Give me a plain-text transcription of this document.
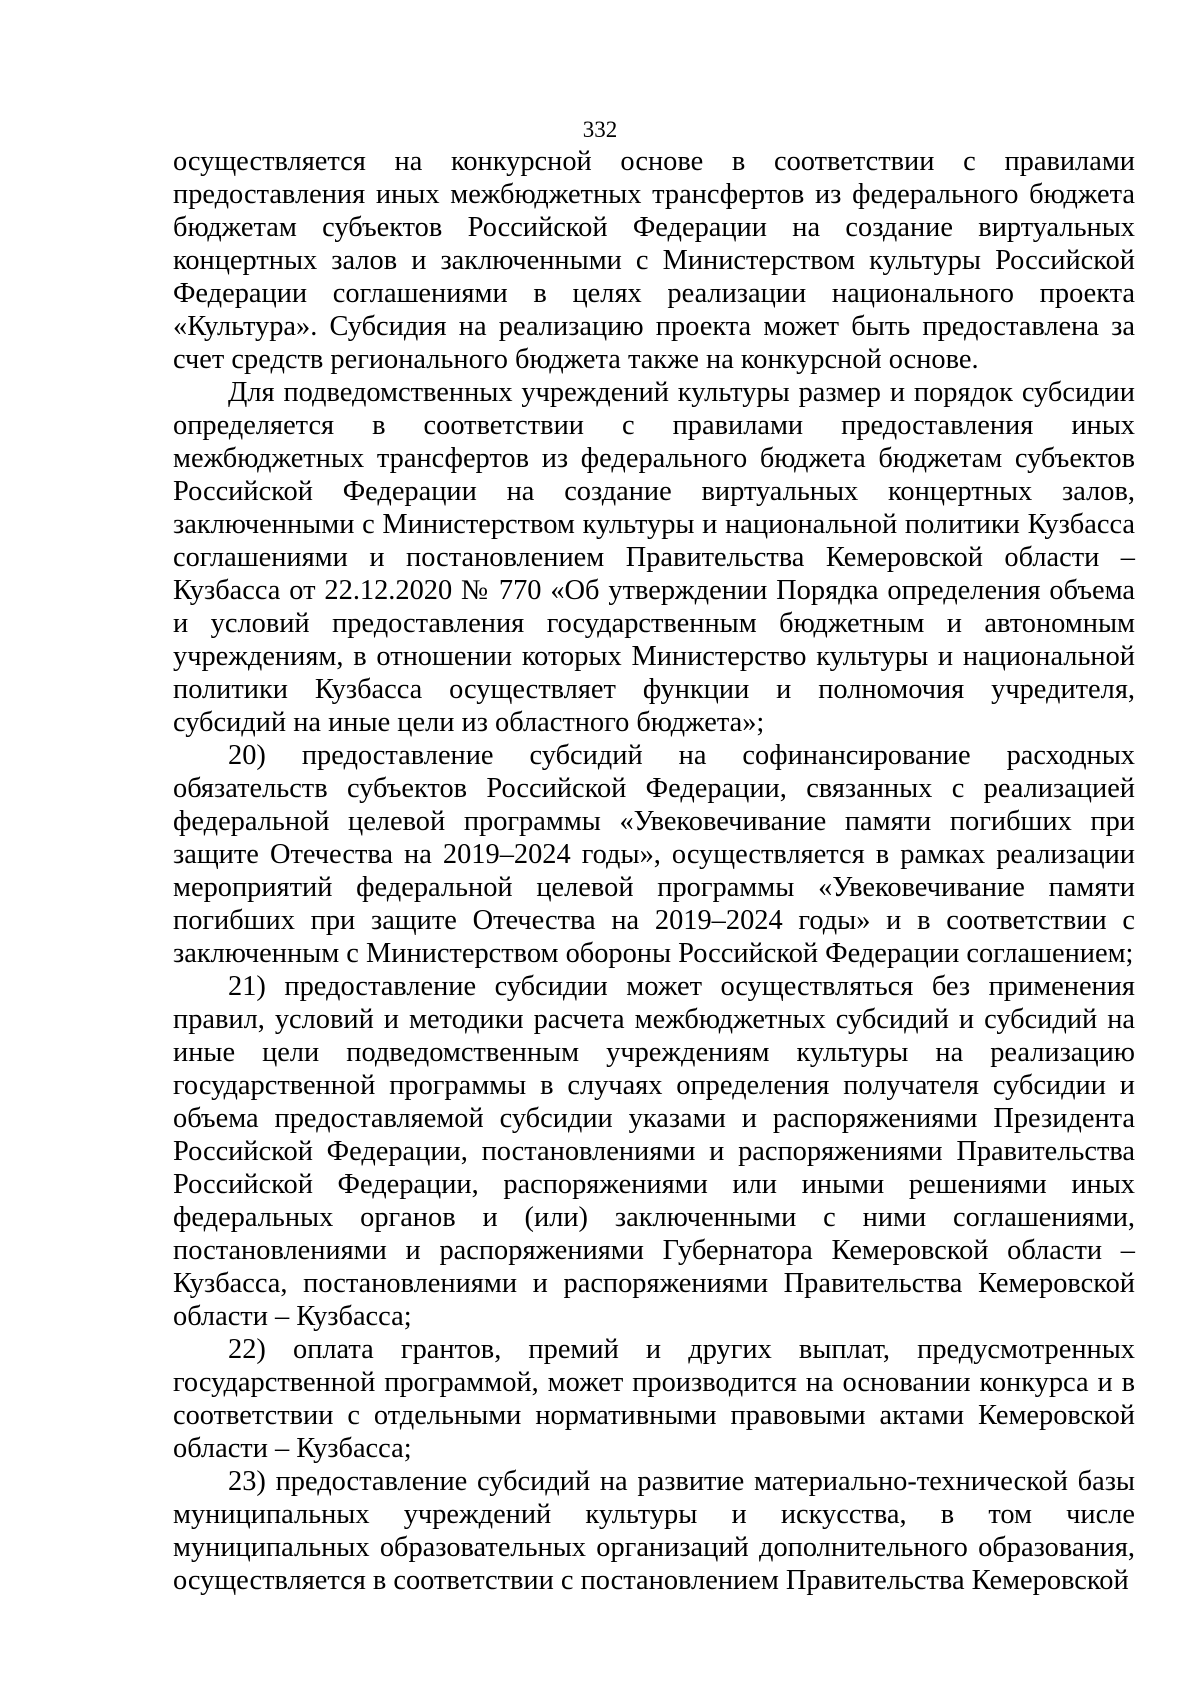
332

осуществляется на конкурсной основе в соответствии с правилами предоставления иных межбюджетных трансфертов из федерального бюджета бюджетам субъектов Российской Федерации на создание виртуальных концертных залов и заключенными с Министерством культуры Российской Федерации соглашениями в целях реализации национального проекта «Культура». Субсидия на реализацию проекта может быть предоставлена за счет средств регионального бюджета также на конкурсной основе.

Для подведомственных учреждений культуры размер и порядок субсидии определяется в соответствии с правилами предоставления иных межбюджетных трансфертов из федерального бюджета бюджетам субъектов Российской Федерации на создание виртуальных концертных залов, заключенными с Министерством культуры и национальной политики Кузбасса соглашениями и постановлением Правительства Кемеровской области – Кузбасса от 22.12.2020 № 770 «Об утверждении Порядка определения объема и условий предоставления государственным бюджетным и автономным учреждениям, в отношении которых Министерство культуры и национальной политики Кузбасса осуществляет функции и полномочия учредителя, субсидий на иные цели из областного бюджета»;

20) предоставление субсидий на софинансирование расходных обязательств субъектов Российской Федерации, связанных с реализацией федеральной целевой программы «Увековечивание памяти погибших при защите Отечества на 2019–2024 годы», осуществляется в рамках реализации мероприятий федеральной целевой программы «Увековечивание памяти погибших при защите Отечества на 2019–2024 годы» и в соответствии с заключенным с Министерством обороны Российской Федерации соглашением;

21) предоставление субсидии может осуществляться без применения правил, условий и методики расчета межбюджетных субсидий и субсидий на иные цели подведомственным учреждениям культуры на реализацию государственной программы в случаях определения получателя субсидии и объема предоставляемой субсидии указами и распоряжениями Президента Российской Федерации, постановлениями и распоряжениями Правительства Российской Федерации, распоряжениями или иными решениями иных федеральных органов и (или) заключенными с ними соглашениями, постановлениями и распоряжениями Губернатора Кемеровской области – Кузбасса, постановлениями и распоряжениями Правительства Кемеровской области – Кузбасса;

22) оплата грантов, премий и других выплат, предусмотренных государственной программой, может производится на основании конкурса и в соответствии с отдельными нормативными правовыми актами Кемеровской области – Кузбасса;

23) предоставление субсидий на развитие материально-технической базы муниципальных учреждений культуры и искусства, в том числе муниципальных образовательных организаций дополнительного образования, осуществляется в соответствии с постановлением Правительства Кемеровской
